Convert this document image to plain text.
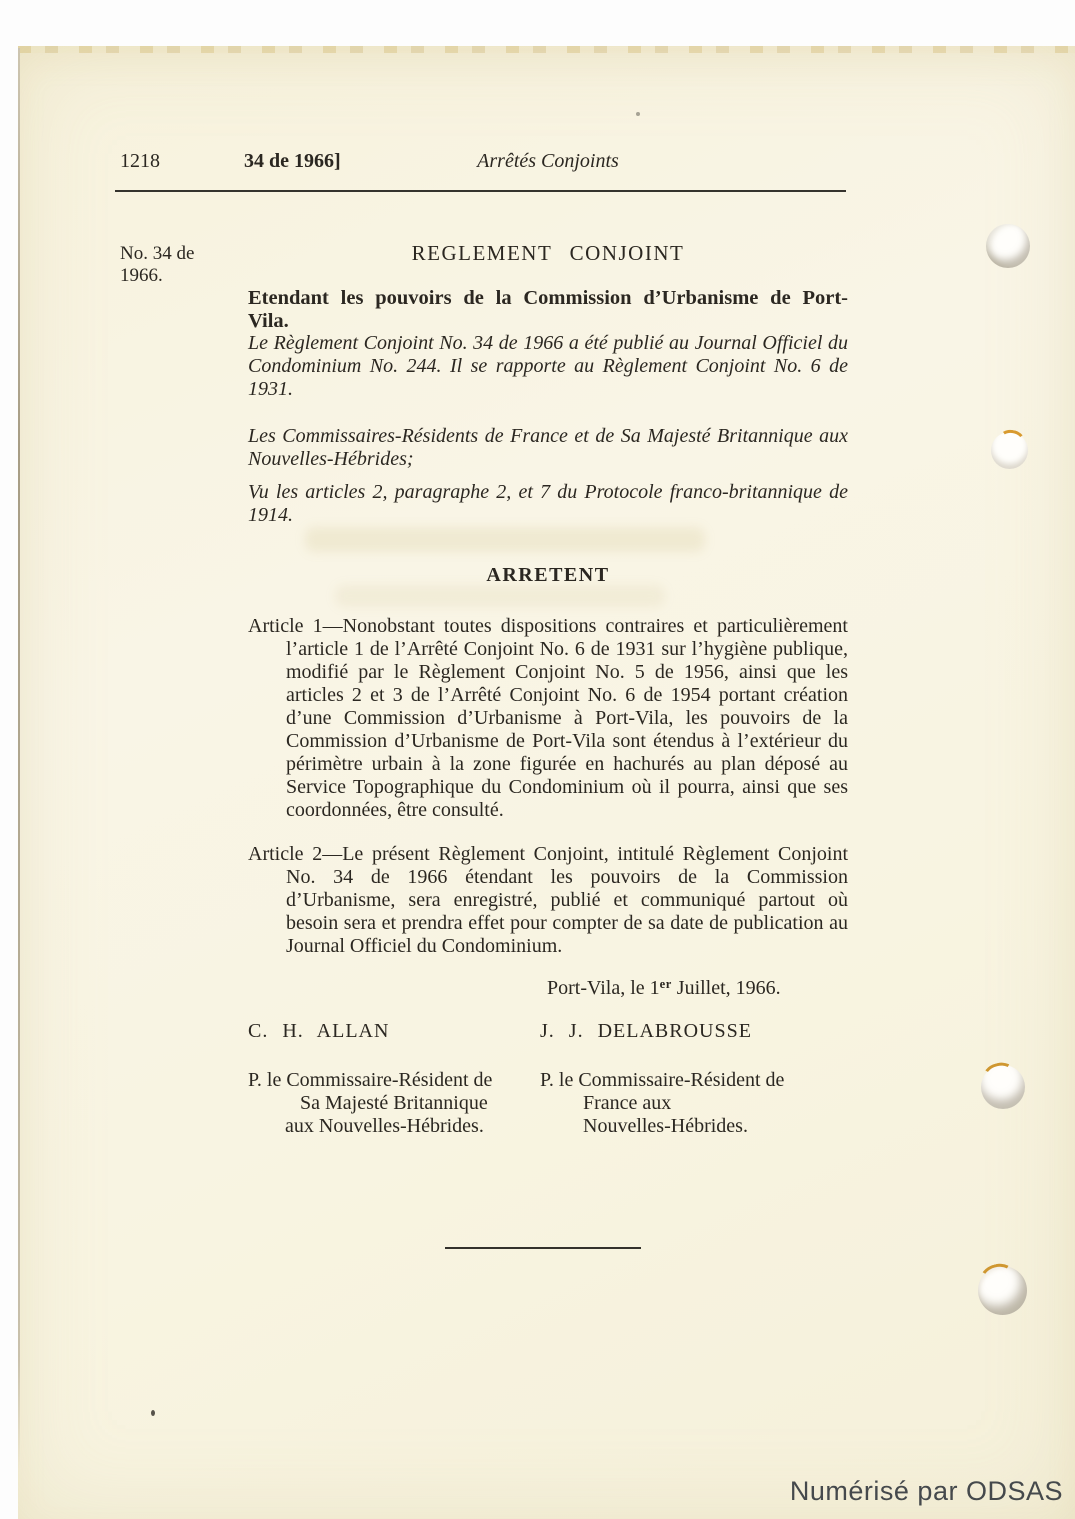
1218	34 de 1966]	Arrêtés Conjoints
No. 34 de
1966.
REGLEMENT CONJOINT
Etendant les pouvoirs de la Commission d’Urbanisme de Port-Vila.

Le Règlement Conjoint No. 34 de 1966 a été publié au Journal Officiel du Condominium No. 244. Il se rapporte au Règlement Conjoint No. 6 de 1931.

Les Commissaires-Résidents de France et de Sa Majesté Britannique aux Nouvelles-Hébrides;

Vu les articles 2, paragraphe 2, et 7 du Protocole franco-britannique de 1914.

ARRETENT

Article 1—Nonobstant toutes dispositions contraires et particulièrement l’article 1 de l’Arrêté Conjoint No. 6 de 1931 sur l’hygiène publique, modifié par le Règlement Conjoint No. 5 de 1956, ainsi que les articles 2 et 3 de l’Arrêté Conjoint No. 6 de 1954 portant création d’une Commission d’Urbanisme à Port-Vila, les pouvoirs de la Commission d’Urbanisme de Port-Vila sont étendus à l’extérieur du périmètre urbain à la zone figurée en hachurés au plan déposé au Service Topographique du Condominium où il pourra, ainsi que ses coordonnées, être consulté.

Article 2—Le présent Règlement Conjoint, intitulé Règlement Conjoint No. 34 de 1966 étendant les pouvoirs de la Commission d’Urbanisme, sera enregistré, publié et communiqué partout où besoin sera et prendra effet pour compter de sa date de publication au Journal Officiel du Condominium.

Port-Vila, le 1er Juillet, 1966.
C. H. ALLAN	J. J. DELABROUSSE
P. le Commissaire-Résident de
Sa Majesté Britannique
aux Nouvelles-Hébrides.
P. le Commissaire-Résident de
France aux
Nouvelles-Hébrides.
Numérisé par ODSAS
